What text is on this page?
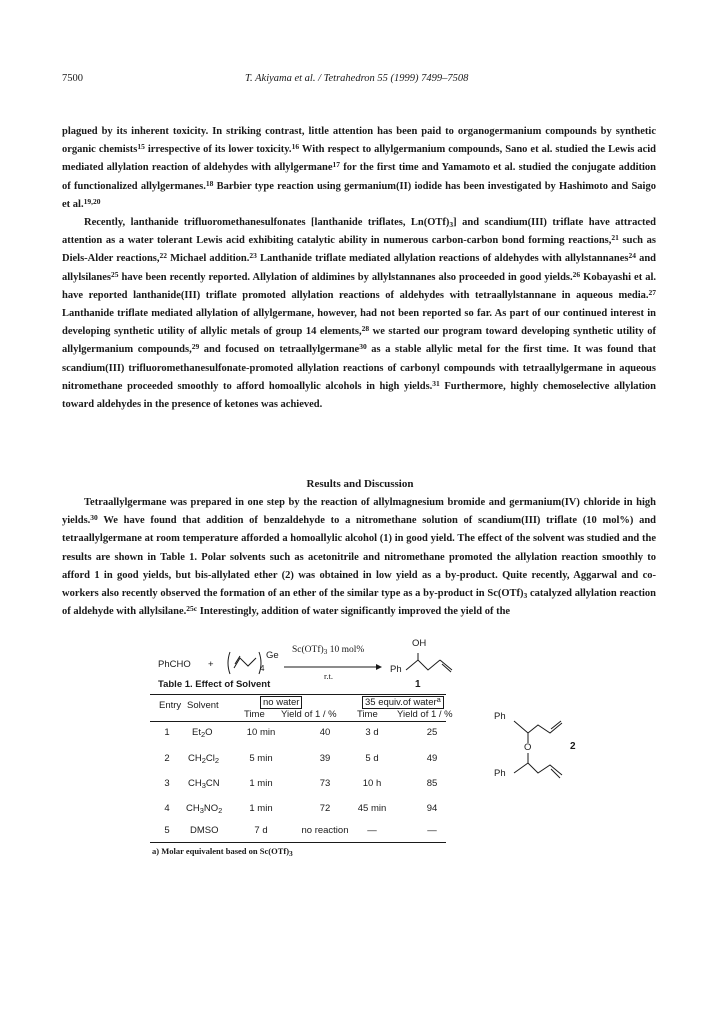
7500	T. Akiyama et al. / Tetrahedron 55 (1999) 7499–7508

plagued by its inherent toxicity. In striking contrast, little attention has been paid to organogermanium compounds by synthetic organic chemists$^{15}$ irrespective of its lower toxicity.$^{16}$ With respect to allylgermanium compounds, Sano et al. studied the Lewis acid mediated allylation reaction of aldehydes with allylgermane$^{17}$ for the first time and Yamamoto et al. studied the conjugate addition of functionalized allylgermanes.$^{18}$ Barbier type reaction using germanium(II) iodide has been investigated by Hashimoto and Saigo et al.$^{19,20}$

Recently, lanthanide trifluoromethanesulfonates [lanthanide triflates, $Ln(OTf)_3$] and scandium(III) triflate have attracted attention as a water tolerant Lewis acid exhibiting catalytic ability in numerous carbon-carbon bond forming reactions,$^{21}$ such as Diels-Alder reactions,$^{22}$ Michael addition.$^{23}$ Lanthanide triflate mediated allylation reactions of aldehydes with allylstannanes$^{24}$ and allylsilanes$^{25}$ have been recently reported. Allylation of aldimines by allylstannanes also proceeded in good yields.$^{26}$ Kobayashi et al. have reported lanthanide(III) triflate promoted allylation reactions of aldehydes with tetraallylstannane in aqueous media.$^{27}$ Lanthanide triflate mediated allylation of allylgermane, however, had not been reported so far. As part of our continued interest in developing synthetic utility of allylic metals of group 14 elements,$^{28}$ we started our program toward developing synthetic utility of allylgermanium compounds,$^{29}$ and focused on tetraallylgermane$^{30}$ as a stable allylic metal for the first time. It was found that scandium(III) trifluoromethanesulfonate-promoted allylation reactions of carbonyl compounds with tetraallylgermane in aqueous nitromethane proceeded smoothly to afford homoallylic alcohols in high yields.$^{31}$ Furthermore, highly chemoselective allylation toward aldehydes in the presence of ketones was achieved.

Results and Discussion

Tetraallylgermane was prepared in one step by the reaction of allylmagnesium bromide and germanium(IV) chloride in high yields.$^{30}$ We have found that addition of benzaldehyde to a nitromethane solution of scandium(III) triflate (10 mol%) and tetraallylgermane at room temperature afforded a homoallylic alcohol (1) in good yield. The effect of the solvent was studied and the results are shown in Table 1. Polar solvents such as acetonitrile and nitromethane promoted the allylation reaction smoothly to afford 1 in good yields, but bis-allylated ether (2) was obtained in low yield as a by-product. Quite recently, Aggarwal and co-workers also recently observed the formation of an ether of the similar type as a by-product in $Sc(OTf)_3$ catalyzed allylation reaction of aldehyde with allylsilane.$^{25c}$ Interestingly, addition of water significantly improved the yield of the

PhCHO +
Ge
4
$Sc(OTf)_3$ 10 mol%
r.t.
OH
Ph
1
Table 1. Effect of Solvent
Entry Solvent	no water	35 equiv.of water$^a$
Time Yield of 1 / % Time Yield of 1 / %
1	$Et_2O$	10 min	40	3 d	25
2	$CH_2Cl_2$	5 min	39	5 d	49
3	$CH_3CN$	1 min	73	10 h	85
4	$CH_3NO_2$	1 min	72	45 min	94
5	DMSO	7 d	no reaction	—	—
a) Molar equivalent based on $Sc(OTf)_3$
Ph
O
Ph
2
